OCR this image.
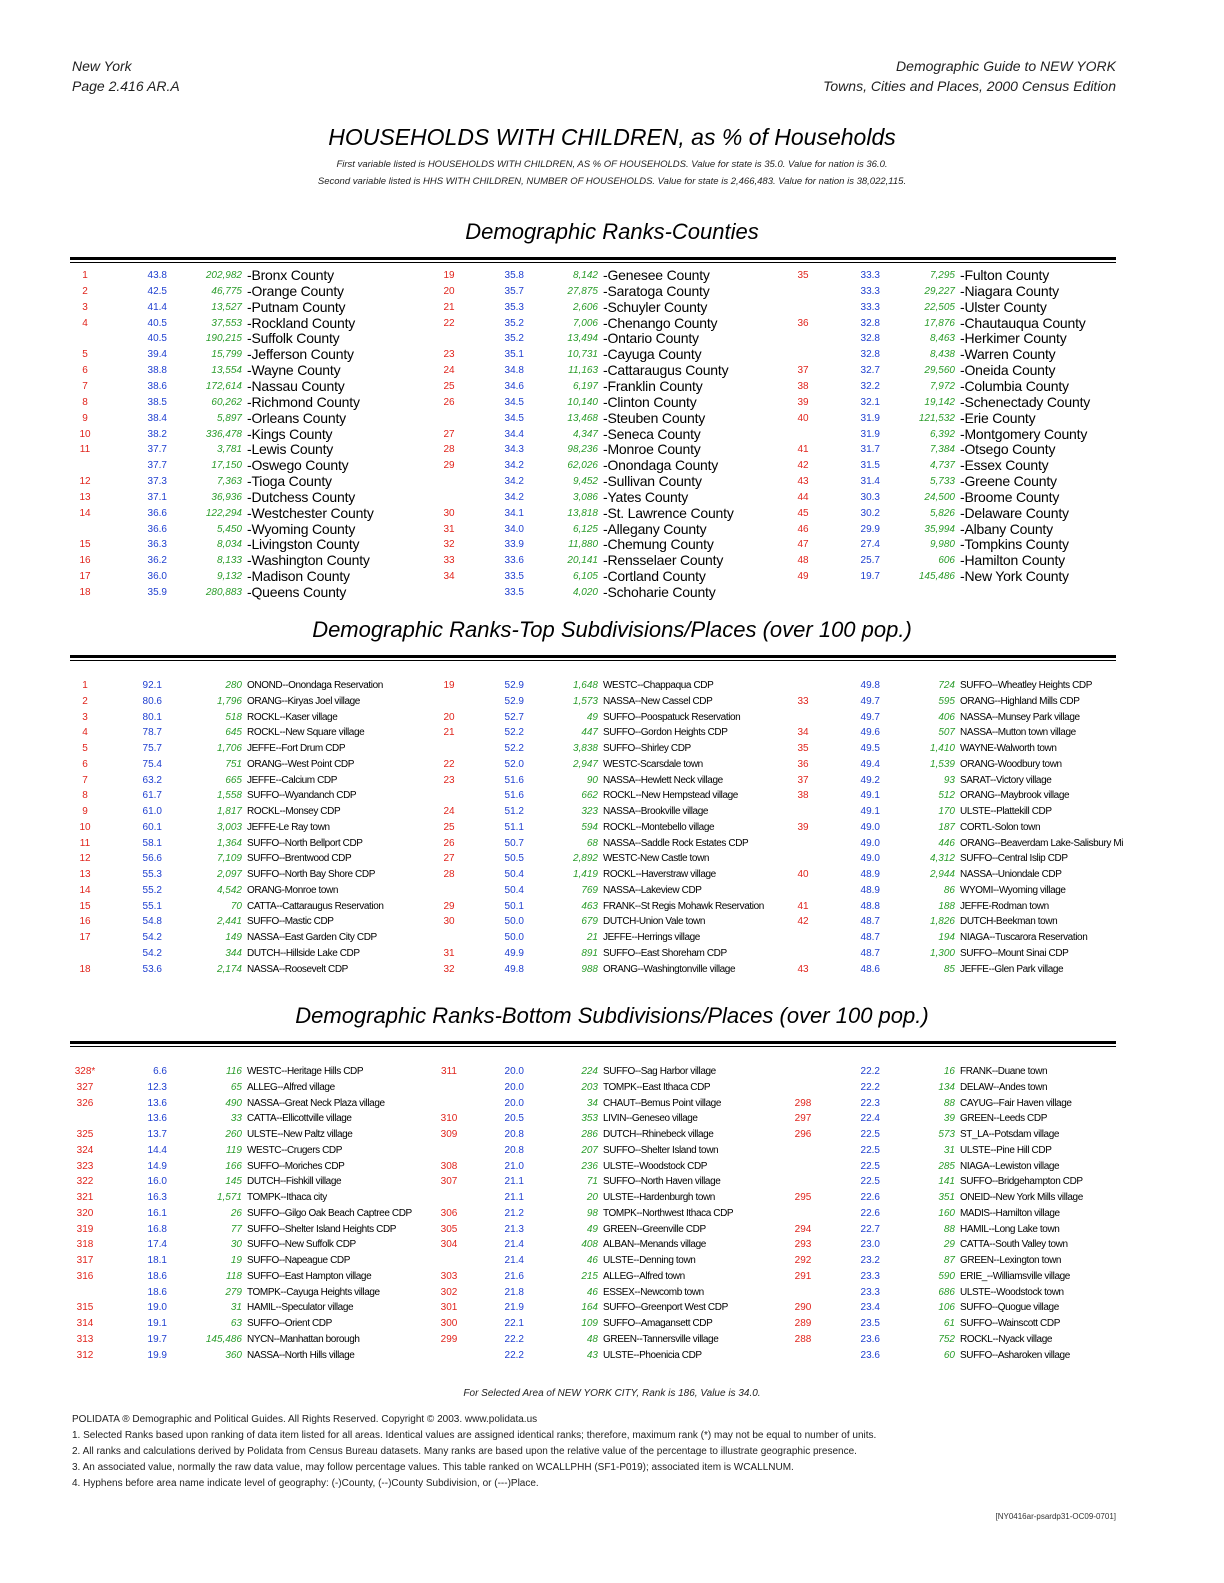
New York
Page 2.416 AR.A
Demographic Guide to NEW YORK
Towns, Cities and Places, 2000 Census Edition
HOUSEHOLDS WITH CHILDREN, as % of Households
First variable listed is HOUSEHOLDS WITH CHILDREN, AS % OF HOUSEHOLDS. Value for state is 35.0. Value for nation is 36.0.
Second variable listed is HHS WITH CHILDREN, NUMBER OF HOUSEHOLDS. Value for state is 2,466,483. Value for nation is 38,022,115.
Demographic Ranks-Counties
1	43.8	202,982 -Bronx County
2	42.5	46,775 -Orange County
3	41.4	13,527 -Putnam County
4	40.5	37,553 -Rockland County
40.5	190,215 -Suffolk County
5	39.4	15,799 -Jefferson County
6	38.8	13,554 -Wayne County
7	38.6	172,614 -Nassau County
8	38.5	60,262 -Richmond County
9	38.4	5,897 -Orleans County
10	38.2	336,478 -Kings County
11	37.7	3,781 -Lewis County
37.7	17,150 -Oswego County
12	37.3	7,363 -Tioga County
13	37.1	36,936 -Dutchess County
14	36.6	122,294 -Westchester County
36.6	5,450 -Wyoming County
15	36.3	8,034 -Livingston County
16	36.2	8,133 -Washington County
17	36.0	9,132 -Madison County
18	35.9	280,883 -Queens County
19	35.8	8,142 -Genesee County
20	35.7	27,875 -Saratoga County
21	35.3	2,606 -Schuyler County
22	35.2	7,006 -Chenango County
35.2	13,494 -Ontario County
23	35.1	10,731 -Cayuga County
24	34.8	11,163 -Cattaraugus County
25	34.6	6,197 -Franklin County
26	34.5	10,140 -Clinton County
34.5	13,468 -Steuben County
27	34.4	4,347 -Seneca County
28	34.3	98,236 -Monroe County
29	34.2	62,026 -Onondaga County
34.2	9,452 -Sullivan County
34.2	3,086 -Yates County
30	34.1	13,818 -St. Lawrence County
31	34.0	6,125 -Allegany County
32	33.9	11,880 -Chemung County
33	33.6	20,141 -Rensselaer County
34	33.5	6,105 -Cortland County
33.5	4,020 -Schoharie County
35	33.3	7,295 -Fulton County
33.3	29,227 -Niagara County
33.3	22,505 -Ulster County
36	32.8	17,876 -Chautauqua County
32.8	8,463 -Herkimer County
32.8	8,438 -Warren County
37	32.7	29,560 -Oneida County
38	32.2	7,972 -Columbia County
39	32.1	19,142 -Schenectady County
40	31.9	121,532 -Erie County
31.9	6,392 -Montgomery County
41	31.7	7,384 -Otsego County
42	31.5	4,737 -Essex County
43	31.4	5,733 -Greene County
44	30.3	24,500 -Broome County
45	30.2	5,826 -Delaware County
46	29.9	35,994 -Albany County
47	27.4	9,980 -Tompkins County
48	25.7	606 -Hamilton County
49	19.7	145,486 -New York County
Demographic Ranks-Top Subdivisions/Places (over 100 pop.)
1	92.1	280 ONOND--Onondaga Reservation
2	80.6	1,796 ORANG--Kiryas Joel village
3	80.1	518 ROCKL--Kaser village
4	78.7	645 ROCKL--New Square village
5	75.7	1,706 JEFFE--Fort Drum CDP
6	75.4	751 ORANG--West Point CDP
7	63.2	665 JEFFE--Calcium CDP
8	61.7	1,558 SUFFO--Wyandanch CDP
9	61.0	1,817 ROCKL--Monsey CDP
10	60.1	3,003 JEFFE-Le Ray town
11	58.1	1,364 SUFFO--North Bellport CDP
12	56.6	7,109 SUFFO--Brentwood CDP
13	55.3	2,097 SUFFO--North Bay Shore CDP
14	55.2	4,542 ORANG-Monroe town
15	55.1	70 CATTA--Cattaraugus Reservation
16	54.8	2,441 SUFFO--Mastic CDP
17	54.2	149 NASSA--East Garden City CDP
54.2	344 DUTCH--Hillside Lake CDP
18	53.6	2,174 NASSA--Roosevelt CDP
19	52.9	1,648 WESTC--Chappaqua CDP
52.9	1,573 NASSA--New Cassel CDP
20	52.7	49 SUFFO--Poospatuck Reservation
21	52.2	447 SUFFO--Gordon Heights CDP
52.2	3,838 SUFFO--Shirley CDP
22	52.0	2,947 WESTC-Scarsdale town
23	51.6	90 NASSA--Hewlett Neck village
51.6	662 ROCKL--New Hempstead village
24	51.2	323 NASSA--Brookville village
25	51.1	594 ROCKL--Montebello village
26	50.7	68 NASSA--Saddle Rock Estates CDP
27	50.5	2,892 WESTC-New Castle town
28	50.4	1,419 ROCKL--Haverstraw village
50.4	769 NASSA--Lakeview CDP
29	50.1	463 FRANK--St Regis Mohawk Reservation
30	50.0	679 DUTCH-Union Vale town
50.0	21 JEFFE--Herrings village
31	49.9	891 SUFFO--East Shoreham CDP
32	49.8	988 ORANG--Washingtonville village
49.8	724 SUFFO--Wheatley Heights CDP
33	49.7	595 ORANG--Highland Mills CDP
49.7	406 NASSA--Munsey Park village
34	49.6	507 NASSA--Mutton town village
35	49.5	1,410 WAYNE-Walworth town
36	49.4	1,539 ORANG-Woodbury town
37	49.2	93 SARAT--Victory village
38	49.1	512 ORANG--Maybrook village
49.1	170 ULSTE--Plattekill CDP
39	49.0	187 CORTL-Solon town
49.0	446 ORANG--Beaverdam Lake-Salisbury Mi
49.0	4,312 SUFFO--Central Islip CDP
40	48.9	2,944 NASSA--Uniondale CDP
48.9	86 WYOMI--Wyoming village
41	48.8	188 JEFFE-Rodman town
42	48.7	1,826 DUTCH-Beekman town
48.7	194 NIAGA--Tuscarora Reservation
48.7	1,300 SUFFO--Mount Sinai CDP
43	48.6	85 JEFFE--Glen Park village
Demographic Ranks-Bottom Subdivisions/Places (over 100 pop.)
328*	6.6	116 WESTC--Heritage Hills CDP
327	12.3	65 ALLEG--Alfred village
326	13.6	490 NASSA--Great Neck Plaza village
13.6	33 CATTA--Ellicottville village
325	13.7	260 ULSTE--New Paltz village
324	14.4	119 WESTC--Crugers CDP
323	14.9	166 SUFFO--Moriches CDP
322	16.0	145 DUTCH--Fishkill village
321	16.3	1,571 TOMPK--Ithaca city
320	16.1	26 SUFFO--Gilgo Oak Beach Captree CDP
319	16.8	77 SUFFO--Shelter Island Heights CDP
318	17.4	30 SUFFO--New Suffolk CDP
317	18.1	19 SUFFO--Napeague CDP
316	18.6	118 SUFFO--East Hampton village
18.6	279 TOMPK--Cayuga Heights village
315	19.0	31 HAMIL--Speculator village
314	19.1	63 SUFFO--Orient CDP
313	19.7	145,486 NYCN--Manhattan borough
312	19.9	360 NASSA--North Hills village
311	20.0	224 SUFFO--Sag Harbor village
20.0	203 TOMPK--East Ithaca CDP
20.0	34 CHAUT--Bemus Point village
310	20.5	353 LIVIN--Geneseo village
309	20.8	286 DUTCH--Rhinebeck village
20.8	207 SUFFO--Shelter Island town
308	21.0	236 ULSTE--Woodstock CDP
307	21.1	71 SUFFO--North Haven village
21.1	20 ULSTE--Hardenburgh town
306	21.2	98 TOMPK--Northwest Ithaca CDP
305	21.3	49 GREEN--Greenville CDP
304	21.4	408 ALBAN--Menands village
21.4	46 ULSTE--Denning town
303	21.6	215 ALLEG--Alfred town
302	21.8	46 ESSEX--Newcomb town
301	21.9	164 SUFFO--Greenport West CDP
300	22.1	109 SUFFO--Amagansett CDP
299	22.2	48 GREEN--Tannersville village
22.2	43 ULSTE--Phoenicia CDP
22.2	16 FRANK--Duane town
22.2	134 DELAW--Andes town
298	22.3	88 CAYUG--Fair Haven village
297	22.4	39 GREEN--Leeds CDP
296	22.5	573 ST_LA--Potsdam village
22.5	31 ULSTE--Pine Hill CDP
22.5	285 NIAGA--Lewiston village
22.5	141 SUFFO--Bridgehampton CDP
295	22.6	351 ONEID--New York Mills village
22.6	160 MADIS--Hamilton village
294	22.7	88 HAMIL--Long Lake town
293	23.0	29 CATTA--South Valley town
292	23.2	87 GREEN--Lexington town
291	23.3	590 ERIE_--Williamsville village
23.3	686 ULSTE--Woodstock town
290	23.4	106 SUFFO--Quogue village
289	23.5	61 SUFFO--Wainscott CDP
288	23.6	752 ROCKL--Nyack village
23.6	60 SUFFO--Asharoken village
For Selected Area of NEW YORK CITY, Rank is 186, Value is 34.0.
POLIDATA ® Demographic and Political Guides. All Rights Reserved. Copyright © 2003. www.polidata.us
1. Selected Ranks based upon ranking of data item listed for all areas. Identical values are assigned identical ranks; therefore, maximum rank (*) may not be equal to number of units.
2. All ranks and calculations derived by Polidata from Census Bureau datasets. Many ranks are based upon the relative value of the percentage to illustrate geographic presence.
3. An associated value, normally the raw data value, may follow percentage values. This table ranked on WCALLPHH (SF1-P019); associated item is WCALLNUM.
4. Hyphens before area name indicate level of geography: (-)County, (--)County Subdivision, or (---)Place.
[NY0416ar-psardp31-OC09-0701]
